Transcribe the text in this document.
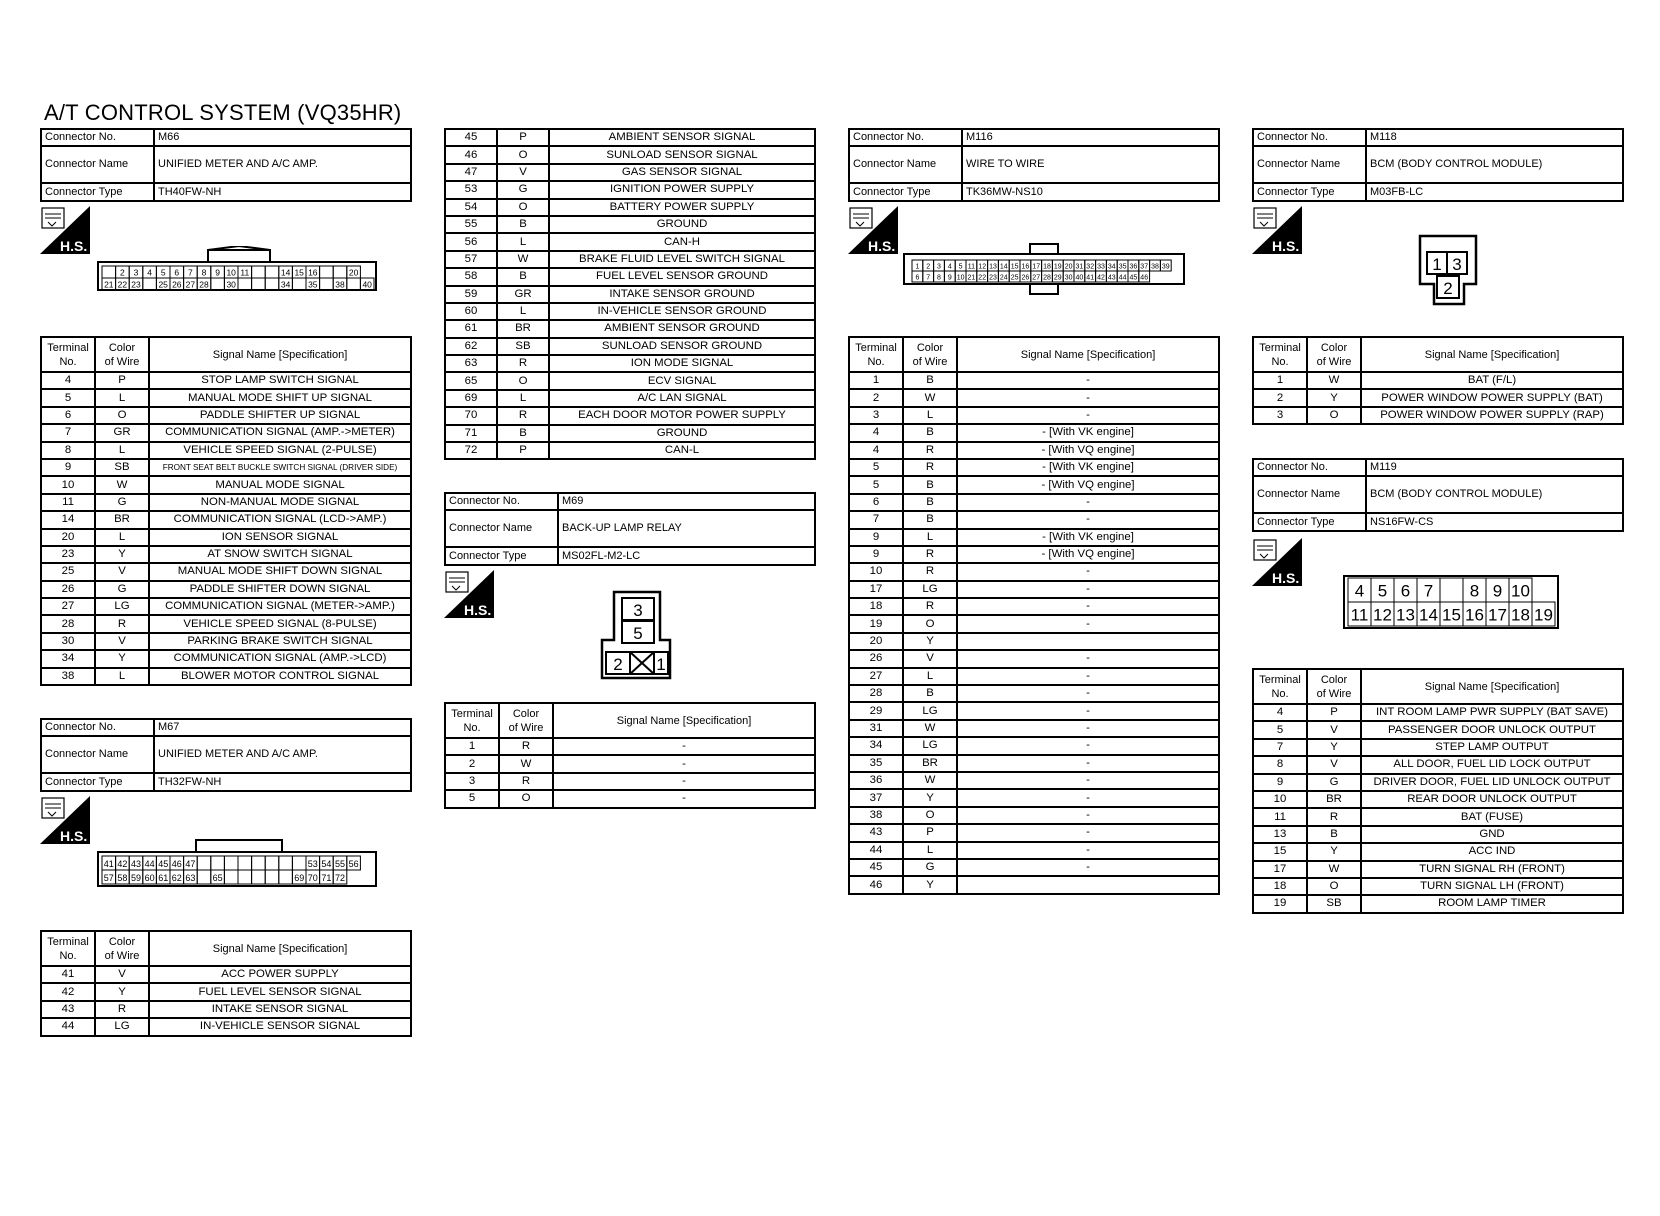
A/T CONTROL SYSTEM (VQ35HR)
Connector No.	M66
Connector Name	UNIFIED METER AND A/C AMP.
Connector Type	TH40FW-NH
H.S.
2 3 4 5 6 7 8 9 10 11	14 15 16	20
21 22 23 25 26 27 28 30	34 35 38 40
Terminal
No.	Color
of Wire	Signal Name [Specification]
4	P	STOP LAMP SWITCH SIGNAL
5	L	MANUAL MODE SHIFT UP SIGNAL
6	O	PADDLE SHIFTER UP SIGNAL
7	GR	COMMUNICATION SIGNAL (AMP.->METER)
8	L	VEHICLE SPEED SIGNAL (2-PULSE)
9	SB	FRONT SEAT BELT BUCKLE SWITCH SIGNAL (DRIVER SIDE)
10	W	MANUAL MODE SIGNAL
11	G	NON-MANUAL MODE SIGNAL
14	BR	COMMUNICATION SIGNAL (LCD->AMP.)
20	L	ION SENSOR SIGNAL
23	Y	AT SNOW SWITCH SIGNAL
25	V	MANUAL MODE SHIFT DOWN SIGNAL
26	G	PADDLE SHIFTER DOWN SIGNAL
27	LG	COMMUNICATION SIGNAL (METER->AMP.)
28	R	VEHICLE SPEED SIGNAL (8-PULSE)
30	V	PARKING BRAKE SWITCH SIGNAL
34	Y	COMMUNICATION SIGNAL (AMP.->LCD)
38	L	BLOWER MOTOR CONTROL SIGNAL
Connector No.	M67
Connector Name	UNIFIED METER AND A/C AMP.
Connector Type	TH32FW-NH
H.S.
41 42 43 44 45 46 47	53 54 55 56
57 58 59 60 61 62 63 65	69 70 71 72
Terminal
No.	Color
of Wire	Signal Name [Specification]
41	V	ACC POWER SUPPLY
42	Y	FUEL LEVEL SENSOR SIGNAL
43	R	INTAKE SENSOR SIGNAL
44	LG	IN-VEHICLE SENSOR SIGNAL
45	P	AMBIENT SENSOR SIGNAL
46	O	SUNLOAD SENSOR SIGNAL
47	V	GAS SENSOR SIGNAL
53	G	IGNITION POWER SUPPLY
54	O	BATTERY POWER SUPPLY
55	B	GROUND
56	L	CAN-H
57	W	BRAKE FLUID LEVEL SWITCH SIGNAL
58	B	FUEL LEVEL SENSOR GROUND
59	GR	INTAKE SENSOR GROUND
60	L	IN-VEHICLE SENSOR GROUND
61	BR	AMBIENT SENSOR GROUND
62	SB	SUNLOAD SENSOR GROUND
63	R	ION MODE SIGNAL
65	O	ECV SIGNAL
69	L	A/C LAN SIGNAL
70	R	EACH DOOR MOTOR POWER SUPPLY
71	B	GROUND
72	P	CAN-L
Connector No.	M69
Connector Name	BACK-UP LAMP RELAY
Connector Type	MS02FL-M2-LC
H.S.	3
5
2 1
Terminal
No.	Color
of Wire	Signal Name [Specification]
1	R	-
2	W	-
3	R	-
5	O	-
Connector No.	M116
Connector Name	WIRE TO WIRE
Connector Type	TK36MW-NS10
H.S.
1 2 3 4 5 11 12 13 14 15 16 17 18 19 20 31 32 33 34 35 36 37 38 39
6 7 8 9 10 21 22 23 24 25 26 27 28 29 30 40 41 42 43 44 45 46
Terminal
No.	Color
of Wire	Signal Name [Specification]
1	B	-
2	W	-
3	L	-
4	B	- [With VK engine]
4	R	- [With VQ engine]
5	R	- [With VK engine]
5	B	- [With VQ engine]
6	B	-
7	B	-
9	L	- [With VK engine]
9	R	- [With VQ engine]
10	R	-
17	LG	-
18	R	-
19	O	-
20	Y	
26	V	-
27	L	-
28	B	-
29	LG	-
31	W	-
34	LG	-
35	BR	-
36	W	-
37	Y	-
38	O	-
43	P	-
44	L	-
45	G	-
46	Y	
Connector No.	M118
Connector Name	BCM (BODY CONTROL MODULE)
Connector Type	M03FB-LC
H.S.
1 3
2
Terminal
No.	Color
of Wire	Signal Name [Specification]
1	W	BAT (F/L)
2	Y	POWER WINDOW POWER SUPPLY (BAT)
3	O	POWER WINDOW POWER SUPPLY (RAP)
Connector No.	M119
Connector Name	BCM (BODY CONTROL MODULE)
Connector Type	NS16FW-CS
H.S.
4 5 6 7 8 9 10
11 12 13 14 15 16 17 18 19
Terminal
No.	Color
of Wire	Signal Name [Specification]
4	P	INT ROOM LAMP PWR SUPPLY (BAT SAVE)
5	V	PASSENGER DOOR UNLOCK OUTPUT
7	Y	STEP LAMP OUTPUT
8	V	ALL DOOR, FUEL LID LOCK OUTPUT
9	G	DRIVER DOOR, FUEL LID UNLOCK OUTPUT
10	BR	REAR DOOR UNLOCK OUTPUT
11	R	BAT (FUSE)
13	B	GND
15	Y	ACC IND
17	W	TURN SIGNAL RH (FRONT)
18	O	TURN SIGNAL LH (FRONT)
19	SB	ROOM LAMP TIMER
